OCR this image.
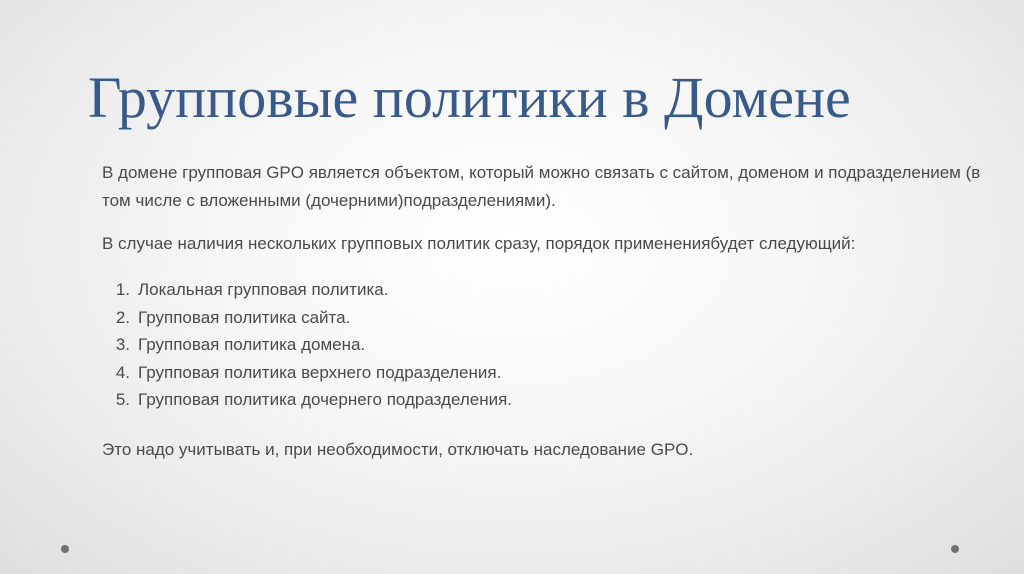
Групповые политики в Домене

В домене групповая GPO является объектом, который можно связать с сайтом, доменом и подразделением (в том числе с вложенными (дочерними)подразделениями).

В случае наличия нескольких групповых политик сразу, порядок применениябудет следующий:

1. Локальная групповая политика.
2. Групповая политика сайта.
3. Групповая политика домена.
4. Групповая политика верхнего подразделения.
5. Групповая политика дочернего подразделения.

Это надо учитывать и, при необходимости, отключать наследование GPO.
